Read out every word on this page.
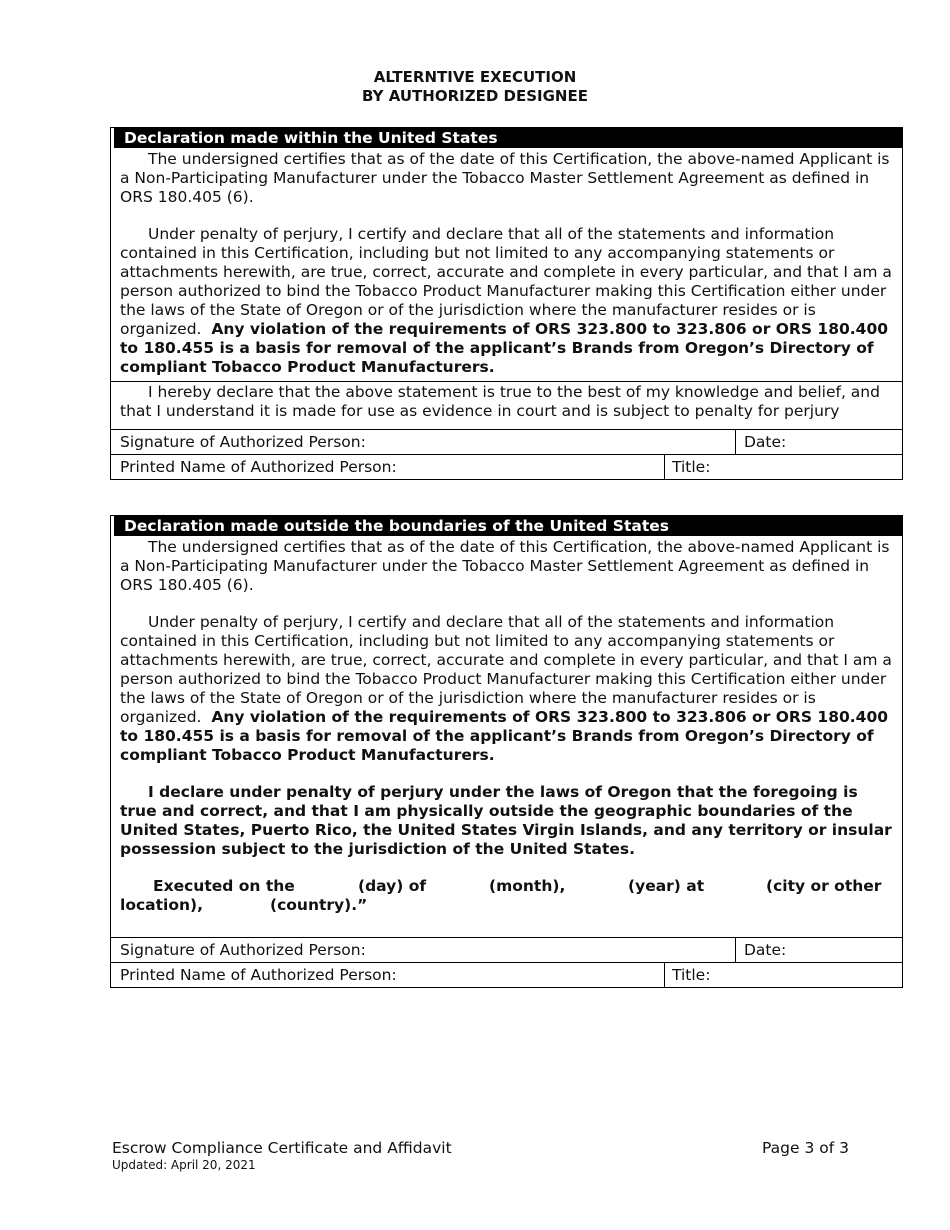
ALTERNTIVE EXECUTION
BY AUTHORIZED DESIGNEE
Declaration made within the United States

The undersigned certifies that as of the date of this Certification, the above-named Applicant is a Non-Participating Manufacturer under the Tobacco Master Settlement Agreement as defined in ORS 180.405 (6).

Under penalty of perjury, I certify and declare that all of the statements and information contained in this Certification, including but not limited to any accompanying statements or attachments herewith, are true, correct, accurate and complete in every particular, and that I am a person authorized to bind the Tobacco Product Manufacturer making this Certification either under the laws of the State of Oregon or of the jurisdiction where the manufacturer resides or is organized. Any violation of the requirements of ORS 323.800 to 323.806 or ORS 180.400 to 180.455 is a basis for removal of the applicant’s Brands from Oregon’s Directory of compliant Tobacco Product Manufacturers.

I hereby declare that the above statement is true to the best of my knowledge and belief, and that I understand it is made for use as evidence in court and is subject to penalty for perjury

Signature of Authorized Person:	Date:
Printed Name of Authorized Person:	Title:
Declaration made outside the boundaries of the United States

The undersigned certifies that as of the date of this Certification, the above-named Applicant is a Non-Participating Manufacturer under the Tobacco Master Settlement Agreement as defined in ORS 180.405 (6).

Under penalty of perjury, I certify and declare that all of the statements and information contained in this Certification, including but not limited to any accompanying statements or attachments herewith, are true, correct, accurate and complete in every particular, and that I am a person authorized to bind the Tobacco Product Manufacturer making this Certification either under the laws of the State of Oregon or of the jurisdiction where the manufacturer resides or is organized. Any violation of the requirements of ORS 323.800 to 323.806 or ORS 180.400 to 180.455 is a basis for removal of the applicant’s Brands from Oregon’s Directory of compliant Tobacco Product Manufacturers.

I declare under penalty of perjury under the laws of Oregon that the foregoing is true and correct, and that I am physically outside the geographic boundaries of the United States, Puerto Rico, the United States Virgin Islands, and any territory or insular possession subject to the jurisdiction of the United States.

Executed on the	(day) of	(month),	(year) at	(city or other
location),	(country).”
Signature of Authorized Person:	Date:
Printed Name of Authorized Person:	Title:
Escrow Compliance Certificate and Affidavit
Updated: April 20, 2021
Page 3 of 3
